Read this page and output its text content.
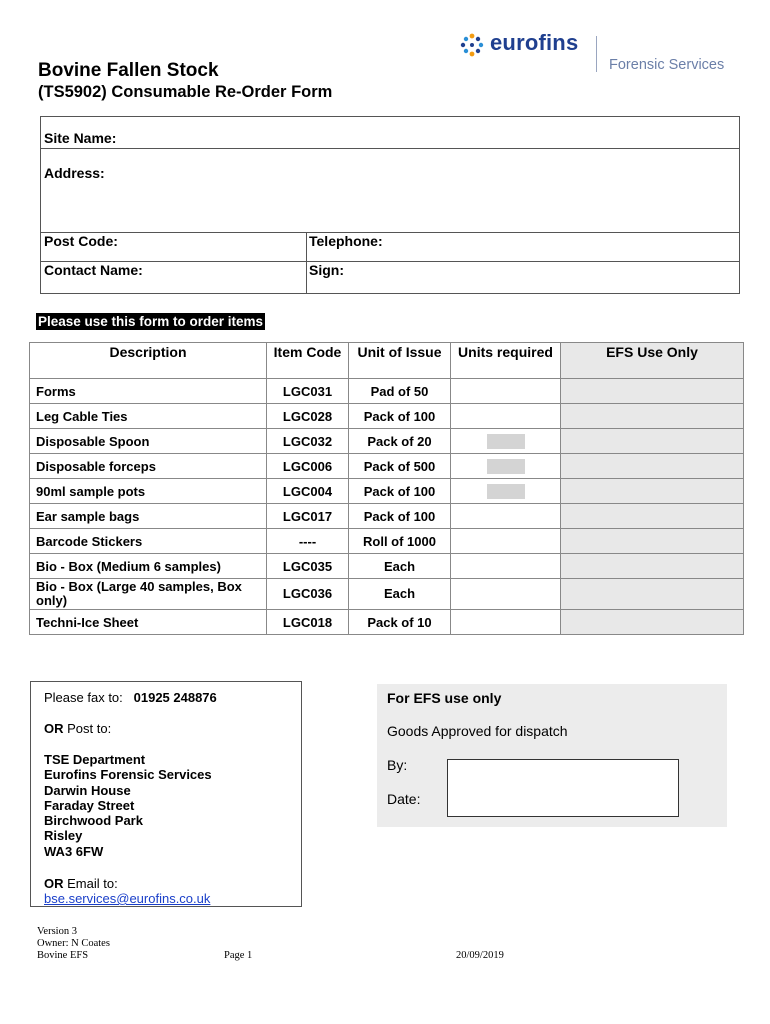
Bovine Fallen Stock
(TS5902) Consumable Re-Order Form
eurofins
Forensic Services
Site Name:
Address:
Post Code:	Telephone:
Contact Name:	Sign:
Please use this form to order items
Description	Item Code	Unit of Issue	Units required	EFS Use Only
Forms	LGC031	Pad of 50		
Leg Cable Ties	LGC028	Pack of 100		
Disposable Spoon	LGC032	Pack of 20		
Disposable forceps	LGC006	Pack of 500		
90ml sample pots	LGC004	Pack of 100		
Ear sample bags	LGC017	Pack of 100		
Barcode Stickers	----	Roll of 1000		
Bio - Box (Medium 6 samples)	LGC035	Each		
Bio - Box (Large 40 samples, Box only)	LGC036	Each		
Techni-Ice Sheet	LGC018	Pack of 10		
Please fax to: 01925 248876
OR Post to:
TSE Department
Eurofins Forensic Services
Darwin House
Faraday Street
Birchwood Park
Risley
WA3 6FW
OR Email to:
bse.services@eurofins.co.uk
For EFS use only
Goods Approved for dispatch
By:
Date:
Version 3
Owner: N Coates
Bovine EFS	Page 1	20/09/2019
